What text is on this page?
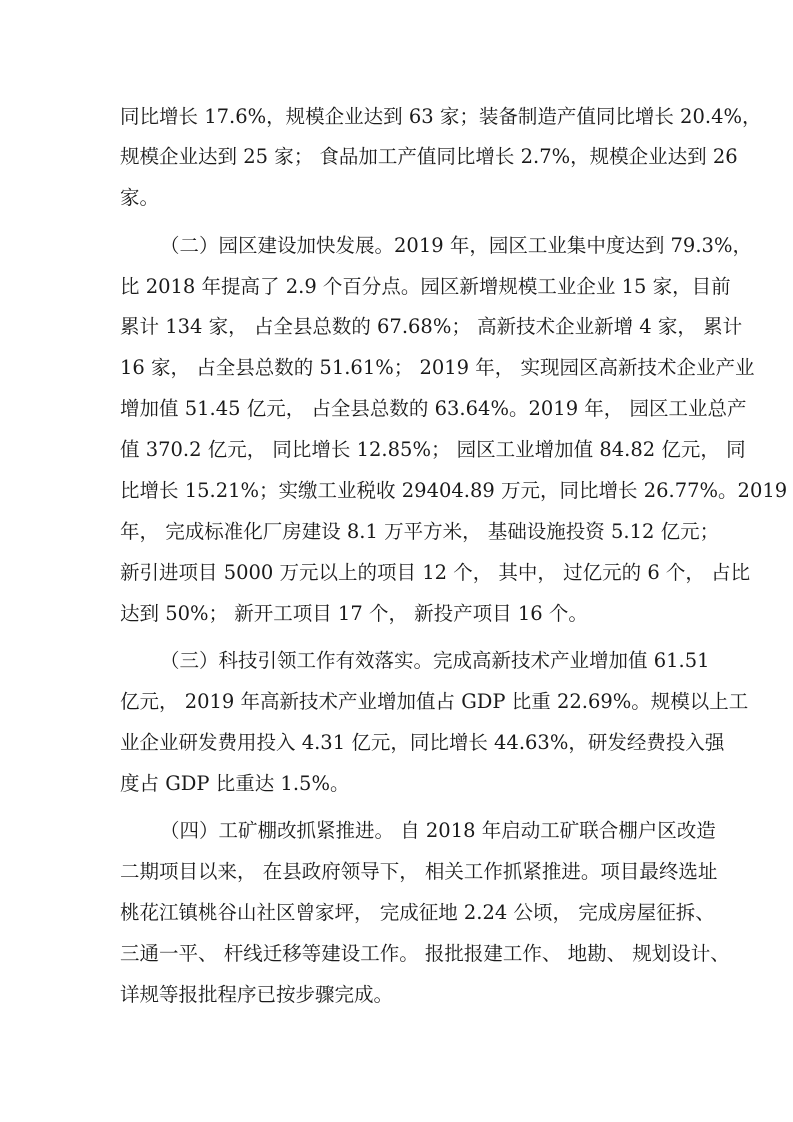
同比增长 17.6%，规模企业达到 63 家；装备制造产值同比增长 20.4%，
规模企业达到 25 家； 食品加工产值同比增长 2.7%，规模企业达到 26
家。
（二）园区建设加快发展。2019 年，园区工业集中度达到 79.3%，
比 2018 年提高了 2.9 个百分点。园区新增规模工业企业 15 家，目前
累计 134 家， 占全县总数的 67.68%； 高新技术企业新增 4 家， 累计
16 家， 占全县总数的 51.61%； 2019 年， 实现园区高新技术企业产业
增加值 51.45 亿元， 占全县总数的 63.64%。2019 年， 园区工业总产
值 370.2 亿元， 同比增长 12.85%； 园区工业增加值 84.82 亿元， 同
比增长 15.21%；实缴工业税收 29404.89 万元，同比增长 26.77%。2019
年， 完成标准化厂房建设 8.1 万平方米， 基础设施投资 5.12 亿元；
新引进项目 5000 万元以上的项目 12 个， 其中， 过亿元的 6 个， 占比
达到 50%； 新开工项目 17 个， 新投产项目 16 个。
（三）科技引领工作有效落实。完成高新技术产业增加值 61.51
亿元， 2019 年高新技术产业增加值占 GDP 比重 22.69%。规模以上工
业企业研发费用投入 4.31 亿元，同比增长 44.63%，研发经费投入强
度占 GDP 比重达 1.5%。
（四）工矿棚改抓紧推进。 自 2018 年启动工矿联合棚户区改造
二期项目以来， 在县政府领导下， 相关工作抓紧推进。项目最终选址
桃花江镇桃谷山社区曾家坪， 完成征地 2.24 公顷， 完成房屋征拆、
三通一平、 杆线迁移等建设工作。 报批报建工作、 地勘、 规划设计、
详规等报批程序已按步骤完成。
